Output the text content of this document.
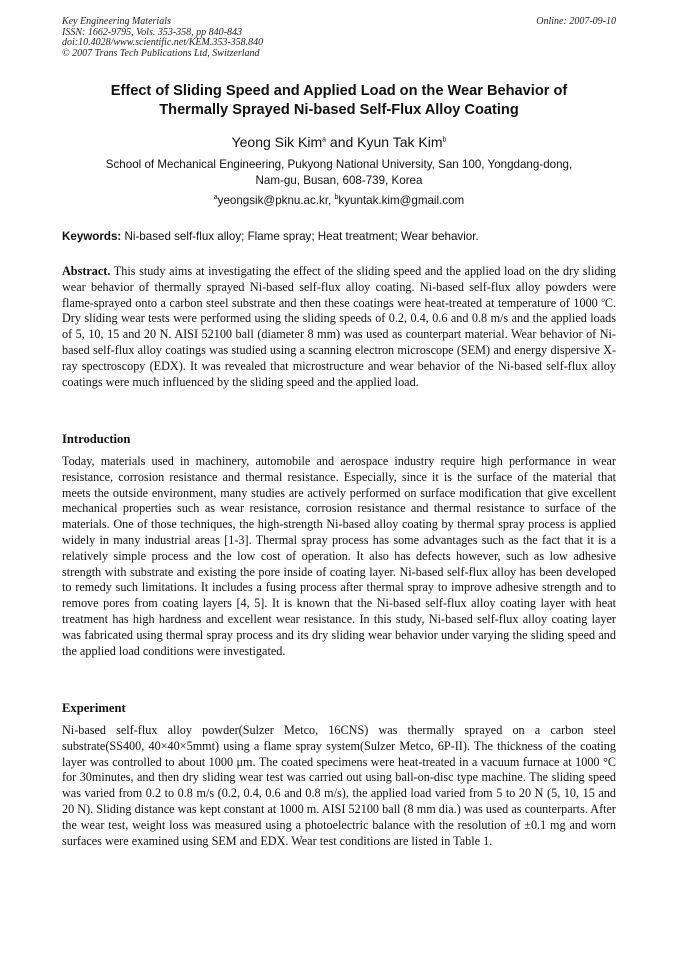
Key Engineering Materials
ISSN: 1662-9795, Vols. 353-358, pp 840-843
doi:10.4028/www.scientific.net/KEM.353-358.840
© 2007 Trans Tech Publications Ltd, Switzerland
Online: 2007-09-10
Effect of Sliding Speed and Applied Load on the Wear Behavior of
Thermally Sprayed Ni-based Self-Flux Alloy Coating
Yeong Sik Kim$^a$ and Kyun Tak Kim$^b$
School of Mechanical Engineering, Pukyong National University, San 100, Yongdang-dong,
Nam-gu, Busan, 608-739, Korea
$^a$yeongsik@pknu.ac.kr, $^b$kyuntak.kim@gmail.com
Keywords: Ni-based self-flux alloy; Flame spray; Heat treatment; Wear behavior.

Abstract. This study aims at investigating the effect of the sliding speed and the applied load on the dry sliding wear behavior of thermally sprayed Ni-based self-flux alloy coating. Ni-based self-flux alloy powders were flame-sprayed onto a carbon steel substrate and then these coatings were heat-treated at temperature of 1000 $^o$C. Dry sliding wear tests were performed using the sliding speeds of 0.2, 0.4, 0.6 and 0.8 m/s and the applied loads of 5, 10, 15 and 20 N. AISI 52100 ball (diameter 8 mm) was used as counterpart material. Wear behavior of Ni-based self-flux alloy coatings was studied using a scanning electron microscope (SEM) and energy dispersive X-ray spectroscopy (EDX). It was revealed that microstructure and wear behavior of the Ni-based self-flux alloy coatings were much influenced by the sliding speed and the applied load.

Introduction

Today, materials used in machinery, automobile and aerospace industry require high performance in wear resistance, corrosion resistance and thermal resistance. Especially, since it is the surface of the material that meets the outside environment, many studies are actively performed on surface modification that give excellent mechanical properties such as wear resistance, corrosion resistance and thermal resistance to surface of the materials. One of those techniques, the high-strength Ni-based alloy coating by thermal spray process is applied widely in many industrial areas [1-3]. Thermal spray process has some advantages such as the fact that it is a relatively simple process and the low cost of operation. It also has defects however, such as low adhesive strength with substrate and existing the pore inside of coating layer. Ni-based self-flux alloy has been developed to remedy such limitations. It includes a fusing process after thermal spray to improve adhesive strength and to remove pores from coating layers [4, 5]. It is known that the Ni-based self-flux alloy coating layer with heat treatment has high hardness and excellent wear resistance. In this study, Ni-based self-flux alloy coating layer was fabricated using thermal spray process and its dry sliding wear behavior under varying the sliding speed and the applied load conditions were investigated.

Experiment

Ni-based self-flux alloy powder(Sulzer Metco, 16CNS) was thermally sprayed on a carbon steel substrate(SS400, 40×40×5mmt) using a flame spray system(Sulzer Metco, 6P-II). The thickness of the coating layer was controlled to about 1000 μm. The coated specimens were heat-treated in a vacuum furnace at 1000 °C for 30minutes, and then dry sliding wear test was carried out using ball-on-disc type machine. The sliding speed was varied from 0.2 to 0.8 m/s (0.2, 0.4, 0.6 and 0.8 m/s), the applied load varied from 5 to 20 N (5, 10, 15 and 20 N). Sliding distance was kept constant at 1000 m. AISI 52100 ball (8 mm dia.) was used as counterparts. After the wear test, weight loss was measured using a photoelectric balance with the resolution of ±0.1 mg and worn surfaces were examined using SEM and EDX. Wear test conditions are listed in Table 1.
